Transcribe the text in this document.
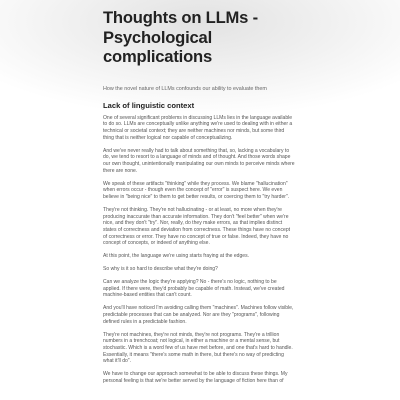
Thoughts on LLMs - Psychological complications

How the novel nature of LLMs confounds our ability to evaluate them

Lack of linguistic context

One of several significant problems in discussing LLMs lies in the language available to do so. LLMs are conceptually unlike anything we're used to dealing with in either a technical or societal context; they are neither machines nor minds, but some third thing that is neither logical nor capable of conceptualizing.

And we've never really had to talk about something that, so, lacking a vocabulary to do, we tend to resort to a language of minds and of thought. And those words shape our own thought, unintentionally manipulating our own minds to perceive minds where there are none.

We speak of these artifacts "thinking" while they process. We blame "hallucination" when errors occur - though even the concept of "error" is suspect here. We even believe in "being nice" to them to get better results, or coercing them to "try harder".

They're not thinking. They're not hallucinating - or at least, no more when they're producing inaccurate than accurate information. They don't "feel better" when we're nice, and they don't "try". Nor, really, do they make errors, as that implies distinct states of correctness and deviation from correctness. These things have no concept of correctness or error. They have no concept of true or false. Indeed, they have no concept of concepts, or indeed of anything else.

At this point, the language we're using starts fraying at the edges.

So why is it so hard to describe what they're doing?

Can we analyze the logic they're applying? No - there's no logic, nothing to be applied. If there were, they'd probably be capable of math. Instead, we've created machine-based entities that can't count.

And you'll have noticed I'm avoiding calling them "machines". Machines follow visible, predictable processes that can be analyzed. Nor are they "programs", following defined rules in a predictable fashion.

They're not machines, they're not minds, they're not programs. They're a trillion numbers in a trenchcoat; not logical, in either a machine or a mental sense, but stochastic. Which is a word few of us have met before, and one that's hard to handle. Essentially, it means "there's some math in there, but there's no way of predicting what it'll do".

We have to change our approach somewhat to be able to discuss these things. My personal feeling is that we're better served by the language of fiction here than of
